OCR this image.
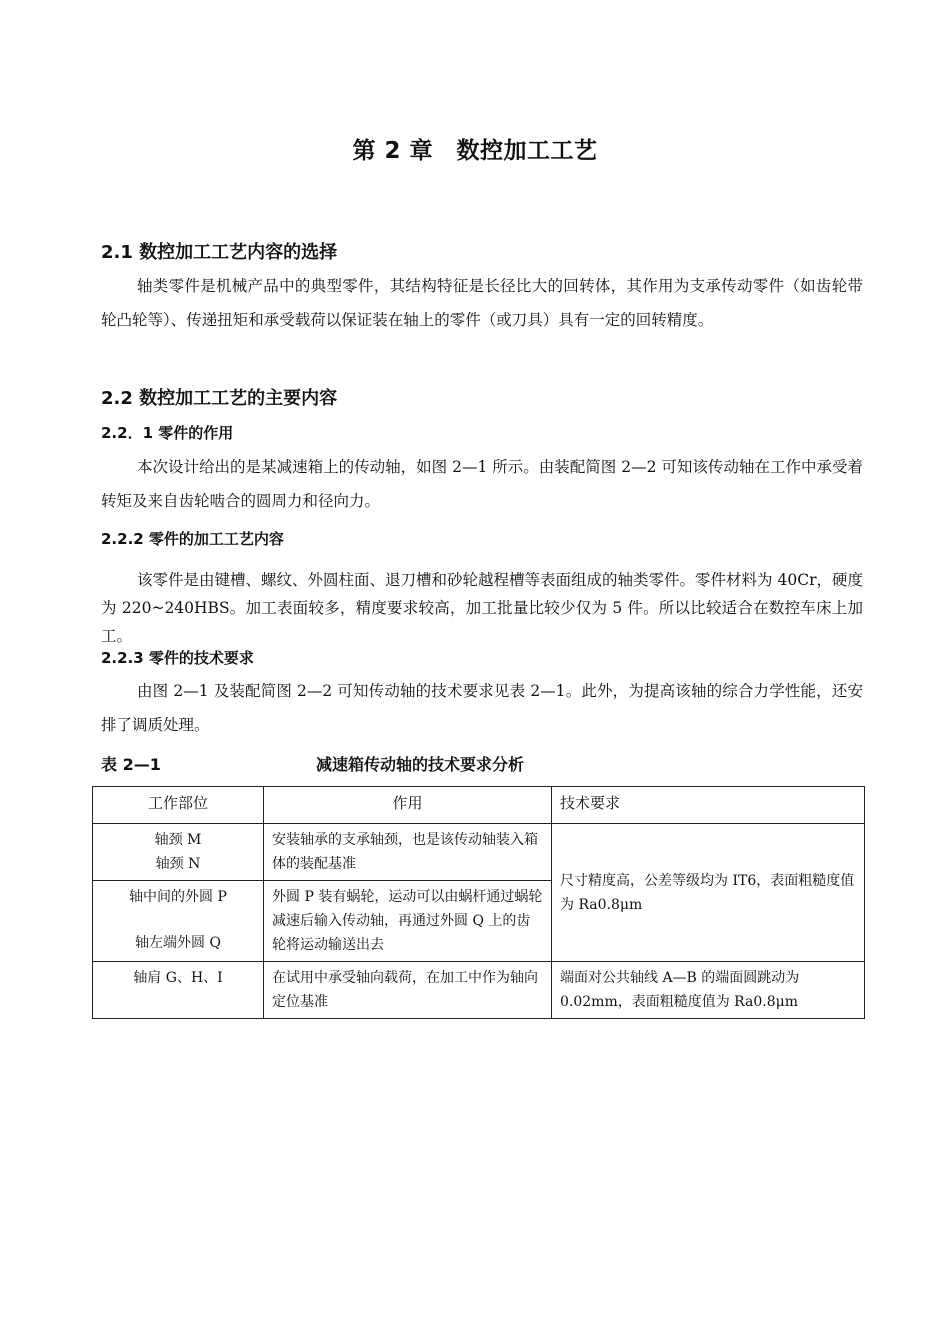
第 2 章　数控加工工艺
2.1 数控加工工艺内容的选择
轴类零件是机械产品中的典型零件，其结构特征是长径比大的回转体，其作用为支承传动零件（如齿轮带轮凸轮等）、传递扭矩和承受载荷以保证装在轴上的零件（或刀具）具有一定的回转精度。
2.2 数控加工工艺的主要内容
2.2．1 零件的作用
本次设计给出的是某减速箱上的传动轴，如图 2—1 所示。由装配简图 2—2 可知该传动轴在工作中承受着转矩及来自齿轮啮合的圆周力和径向力。
2.2.2 零件的加工工艺内容
该零件是由键槽、螺纹、外圆柱面、退刀槽和砂轮越程槽等表面组成的轴类零件。零件材料为 40Cr，硬度为 220~240HBS。加工表面较多，精度要求较高，加工批量比较少仅为 5 件。所以比较适合在数控车床上加工。
2.2.3 零件的技术要求
由图 2—1 及装配简图 2—2 可知传动轴的技术要求见表 2—1。此外，为提高该轴的综合力学性能，还安排了调质处理。
表 2—1	减速箱传动轴的技术要求分析
工作部位	作用	技术要求

轴颈 M
轴颈 N	安装轴承的支承轴颈，也是该传动轴装入箱体的装配基准	尺寸精度高，公差等级均为 IT6，表面粗糙度值为 Ra0.8μm

轴中间的外圆 P
轴左端外圆 Q	外圆 P 装有蜗轮，运动可以由蜗杆通过蜗轮减速后输入传动轴，再通过外圆 Q 上的齿轮将运动输送出去	

轴肩 G、H、I	在试用中承受轴向载荷，在加工中作为轴向定位基准	端面对公共轴线 A—B 的端面圆跳动为 0.02mm，表面粗糙度值为 Ra0.8μm
